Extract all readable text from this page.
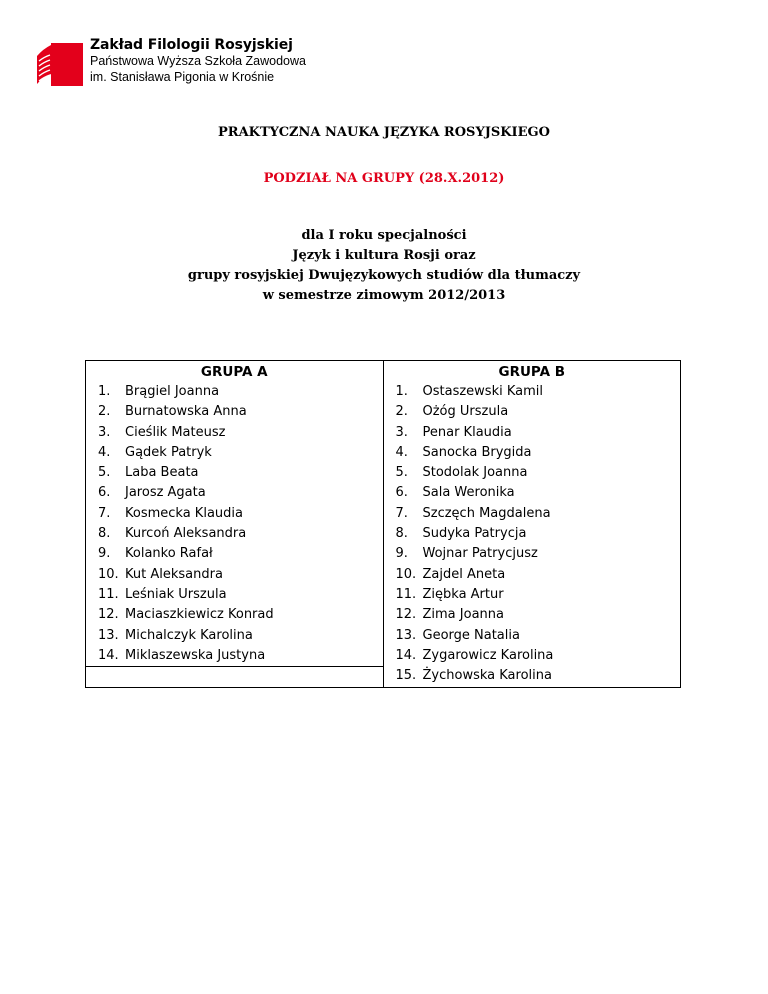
Zakład Filologii Rosyjskiej
Państwowa Wyższa Szkoła Zawodowa
im. Stanisława Pigonia w Krośnie
PRAKTYCZNA NAUKA JĘZYKA ROSYJSKIEGO
PODZIAŁ NA GRUPY (28.X.2012)
dla I roku specjalności
Język i kultura Rosji oraz
grupy rosyjskiej Dwujęzykowych studiów dla tłumaczy
w semestrze zimowym 2012/2013
GRUPA A
1. Brągiel Joanna
2. Burnatowska Anna
3. Cieślik Mateusz
4. Gądek Patryk
5. Laba Beata
6. Jarosz Agata
7. Kosmecka Klaudia
8. Kurcoń Aleksandra
9. Kolanko Rafał
10. Kut Aleksandra
11. Leśniak Urszula
12. Maciaszkiewicz Konrad
13. Michalczyk Karolina
14. Miklaszewska Justyna

GRUPA B
1. Ostaszewski Kamil
2. Ożóg Urszula
3. Penar Klaudia
4. Sanocka Brygida
5. Stodolak Joanna
6. Sala Weronika
7. Szczęch Magdalena
8. Sudyka Patrycja
9. Wojnar Patrycjusz
10. Zajdel Aneta
11. Ziębka Artur
12. Zima Joanna
13. George Natalia
14. Zygarowicz Karolina
15. Żychowska Karolina
